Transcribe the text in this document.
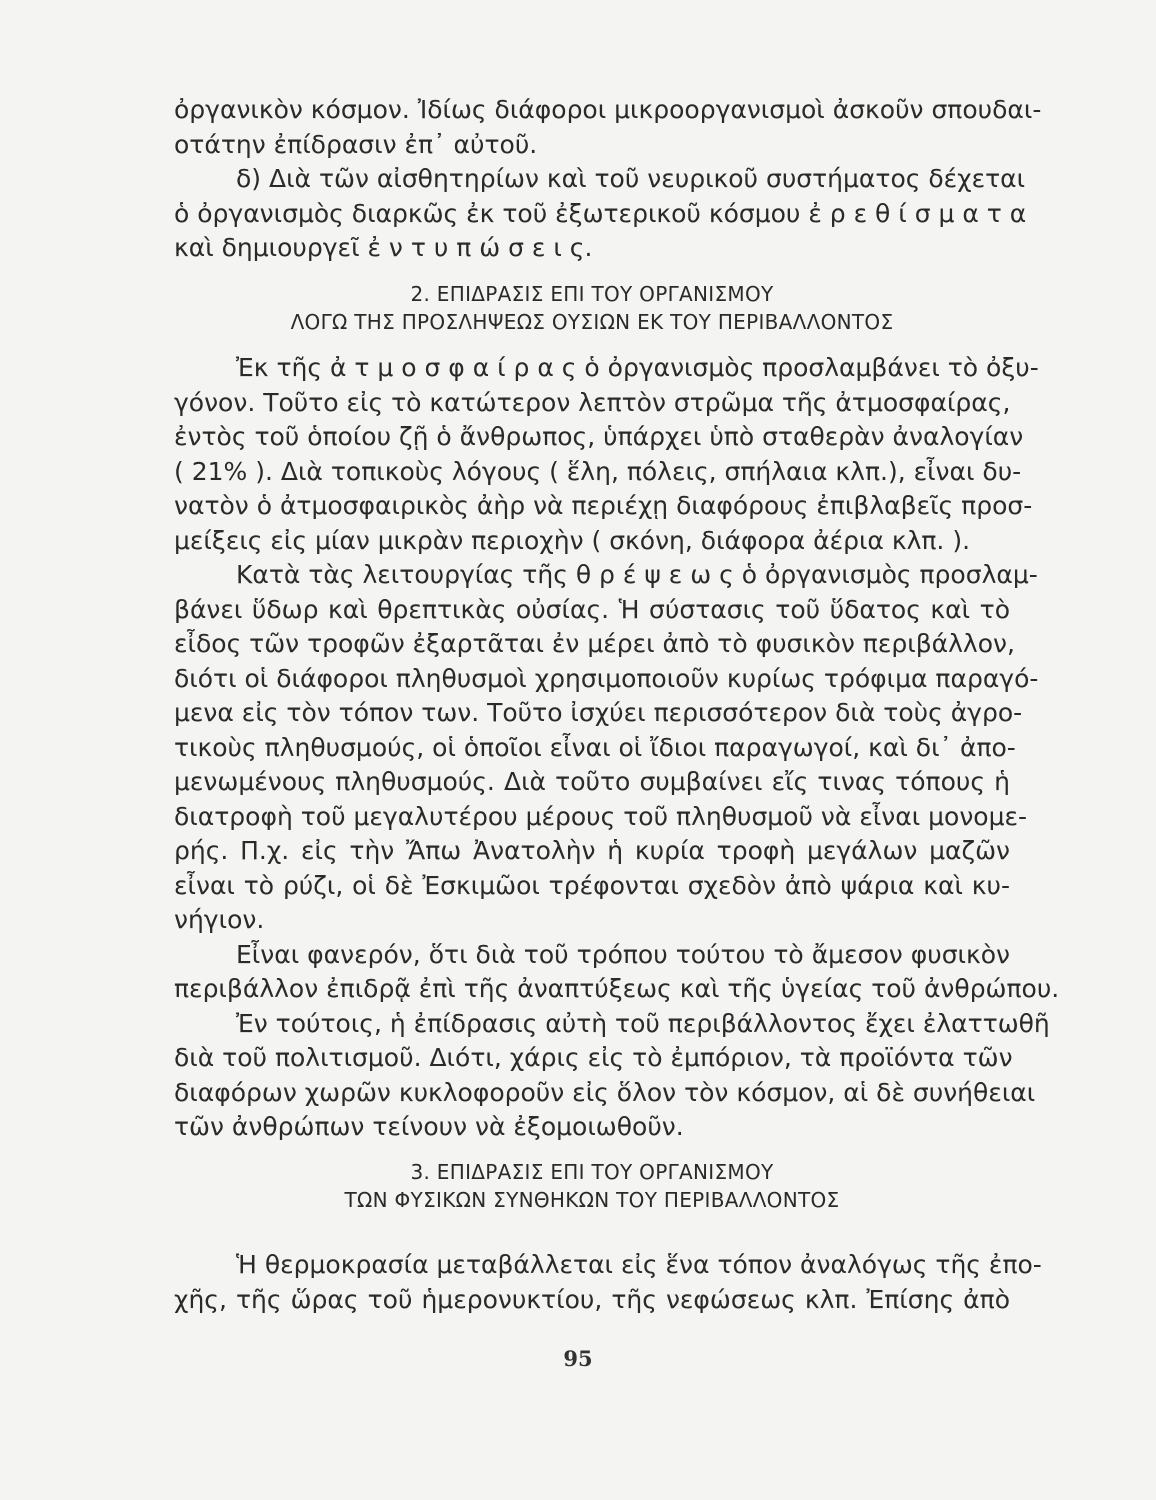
ὀργανικὸν κόσμον. Ἰδίως διάφοροι μικροοργανισμοὶ ἀσκοῦν σπουδαι-
οτάτην ἐπίδρασιν ἐπ᾽ αὐτοῦ.
δ) Διὰ τῶν αἰσθητηρίων καὶ τοῦ νευρικοῦ συστήματος δέχεται
ὁ ὀργανισμὸς διαρκῶς ἐκ τοῦ ἐξωτερικοῦ κόσμου ἐ ρ ε θ ί σ μ α τ α
καὶ δημιουργεῖ ἐ ν τ υ π ώ σ ε ι ς.
2. ΕΠΙΔΡΑΣΙΣ ΕΠΙ ΤΟΥ ΟΡΓΑΝΙΣΜΟΥ
ΛΟΓΩ ΤΗΣ ΠΡΟΣΛΗΨΕΩΣ ΟΥΣΙΩΝ ΕΚ ΤΟΥ ΠΕΡΙΒΑΛΛΟΝΤΟΣ
Ἐκ τῆς ἀ τ μ ο σ φ α ί ρ α ς ὁ ὀργανισμὸς προσλαμβάνει τὸ ὀξυ-
γόνον. Τοῦτο εἰς τὸ κατώτερον λεπτὸν στρῶμα τῆς ἀτμοσφαίρας,
ἐντὸς τοῦ ὁποίου ζῇ ὁ ἄνθρωπος, ὑπάρχει ὑπὸ σταθερὰν ἀναλογίαν
( 21% ). Διὰ τοπικοὺς λόγους ( ἕλη, πόλεις, σπήλαια κλπ.), εἶναι δυ-
νατὸν ὁ ἀτμοσφαιρικὸς ἀὴρ νὰ περιέχῃ διαφόρους ἐπιβλαβεῖς προσ-
μείξεις εἰς μίαν μικρὰν περιοχὴν ( σκόνη, διάφορα ἀέρια κλπ. ).
Κατὰ τὰς λειτουργίας τῆς θ ρ έ ψ ε ω ς ὁ ὀργανισμὸς προσλαμ-
βάνει ὕδωρ καὶ θρεπτικὰς οὐσίας. Ἡ σύστασις τοῦ ὕδατος καὶ τὸ
εἶδος τῶν τροφῶν ἐξαρτᾶται ἐν μέρει ἀπὸ τὸ φυσικὸν περιβάλλον,
διότι οἱ διάφοροι πληθυσμοὶ χρησιμοποιοῦν κυρίως τρόφιμα παραγό-
μενα εἰς τὸν τόπον των. Τοῦτο ἰσχύει περισσότερον διὰ τοὺς ἀγρο-
τικοὺς πληθυσμούς, οἱ ὁποῖοι εἶναι οἱ ἴδιοι παραγωγοί, καὶ δι᾽ ἀπο-
μενωμένους πληθυσμούς. Διὰ τοῦτο συμβαίνει εἴς τινας τόπους ἡ
διατροφὴ τοῦ μεγαλυτέρου μέρους τοῦ πληθυσμοῦ νὰ εἶναι μονομε-
ρής. Π.χ. εἰς τὴν Ἄπω Ἀνατολὴν ἡ κυρία τροφὴ μεγάλων μαζῶν
εἶναι τὸ ρύζι, οἱ δὲ Ἐσκιμῶοι τρέφονται σχεδὸν ἀπὸ ψάρια καὶ κυ-
νήγιον.
Εἶναι φανερόν, ὅτι διὰ τοῦ τρόπου τούτου τὸ ἄμεσον φυσικὸν
περιβάλλον ἐπιδρᾷ ἐπὶ τῆς ἀναπτύξεως καὶ τῆς ὑγείας τοῦ ἀνθρώπου.
Ἐν τούτοις, ἡ ἐπίδρασις αὐτὴ τοῦ περιβάλλοντος ἔχει ἐλαττωθῆ
διὰ τοῦ πολιτισμοῦ. Διότι, χάρις εἰς τὸ ἐμπόριον, τὰ προϊόντα τῶν
διαφόρων χωρῶν κυκλοφοροῦν εἰς ὅλον τὸν κόσμον, αἱ δὲ συνήθειαι
τῶν ἀνθρώπων τείνουν νὰ ἐξομοιωθοῦν.
3. ΕΠΙΔΡΑΣΙΣ ΕΠΙ ΤΟΥ ΟΡΓΑΝΙΣΜΟΥ
ΤΩΝ ΦΥΣΙΚΩΝ ΣΥΝΘΗΚΩΝ ΤΟΥ ΠΕΡΙΒΑΛΛΟΝΤΟΣ
Ἡ θερμοκρασία μεταβάλλεται εἰς ἕνα τόπον ἀναλόγως τῆς ἐπο-
χῆς, τῆς ὥρας τοῦ ἡμερονυκτίου, τῆς νεφώσεως κλπ. Ἐπίσης ἀπὸ
95
